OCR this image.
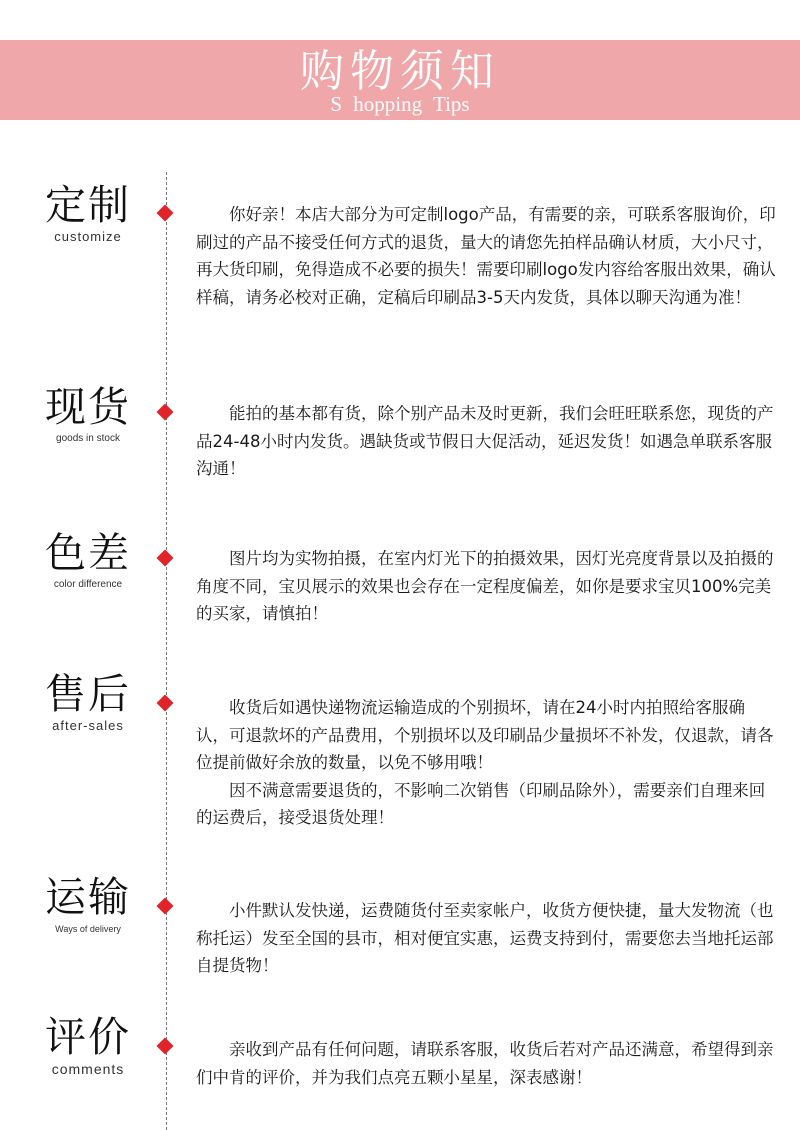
购物须知
S hopping Tips
定制
customize

你好亲！本店大部分为可定制logo产品，有需要的亲，可联系客服询价，印刷过的产品不接受任何方式的退货，量大的请您先拍样品确认材质，大小尺寸，再大货印刷，免得造成不必要的损失！需要印刷logo发内容给客服出效果，确认样稿，请务必校对正确，定稿后印刷品3-5天内发货，具体以聊天沟通为准！

现货
goods in stock

能拍的基本都有货，除个别产品未及时更新，我们会旺旺联系您，现货的产品24-48小时内发货。遇缺货或节假日大促活动，延迟发货！如遇急单联系客服沟通！

色差
color difference

图片均为实物拍摄，在室内灯光下的拍摄效果，因灯光亮度背景以及拍摄的角度不同，宝贝展示的效果也会存在一定程度偏差，如你是要求宝贝100%完美的买家，请慎拍！

售后
after-sales

收货后如遇快递物流运输造成的个别损坏，请在24小时内拍照给客服确认，可退款坏的产品费用，个别损坏以及印刷品少量损坏不补发，仅退款，请各位提前做好余放的数量，以免不够用哦！

因不满意需要退货的，不影响二次销售（印刷品除外），需要亲们自理来回的运费后，接受退货处理！

运输
Ways of delivery

小件默认发快递，运费随货付至卖家帐户，收货方便快捷，量大发物流（也称托运）发至全国的县市，相对便宜实惠，运费支持到付，需要您去当地托运部自提货物！

评价
comments

亲收到产品有任何问题，请联系客服，收货后若对产品还满意，希望得到亲们中肯的评价，并为我们点亮五颗小星星，深表感谢！
